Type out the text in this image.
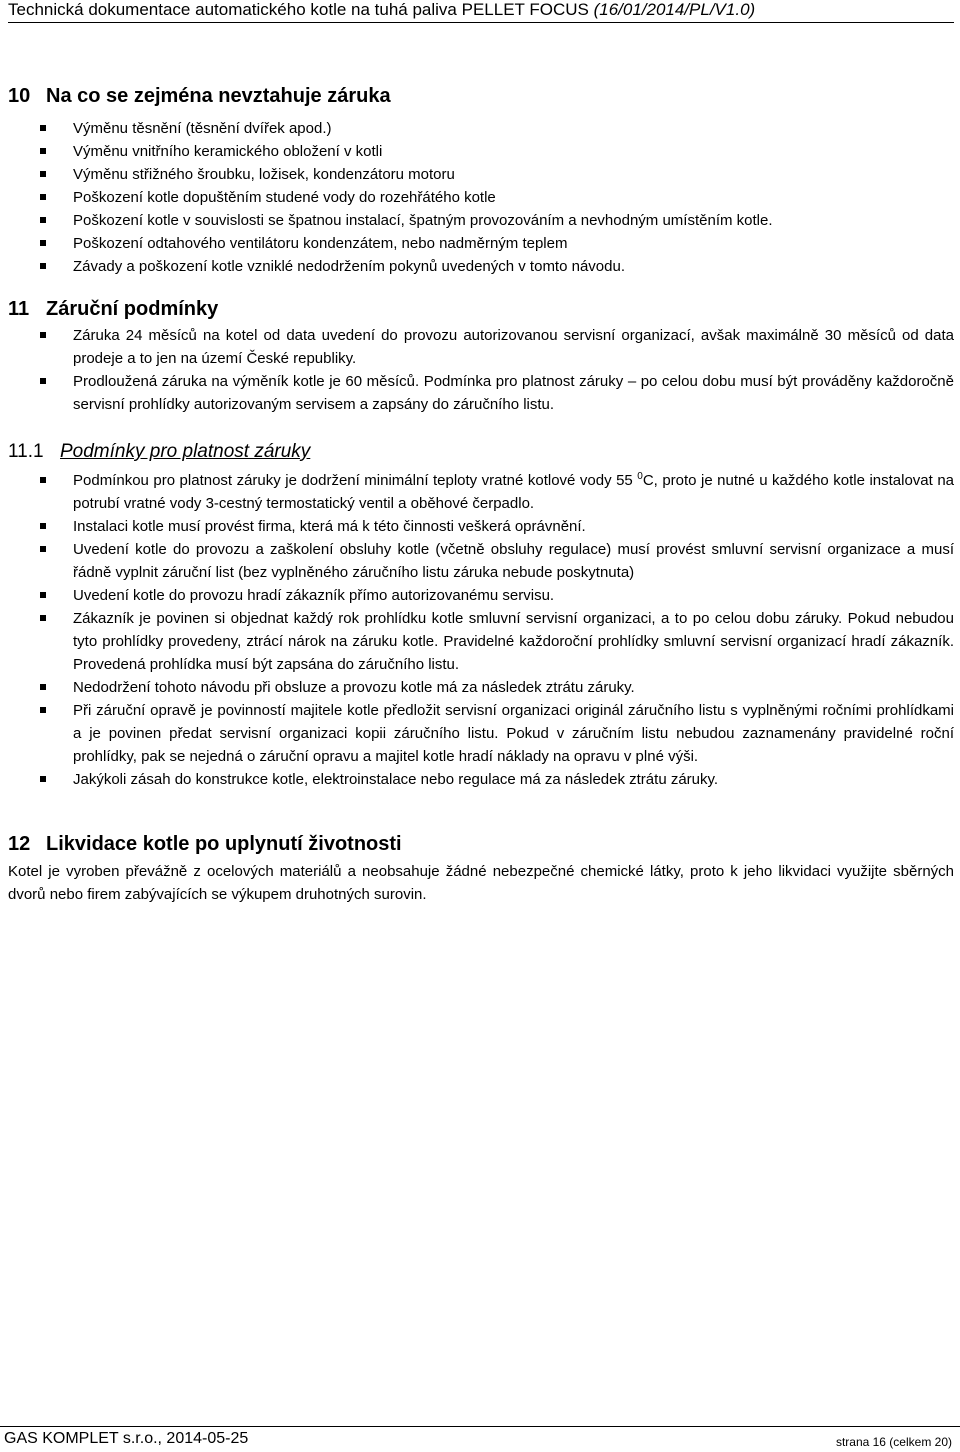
Technická dokumentace automatického kotle na tuhá paliva PELLET FOCUS (16/01/2014/PL/V1.0)
10 Na co se zejména nevztahuje záruka
Výměnu těsnění (těsnění dvířek apod.)
Výměnu vnitřního keramického obložení v kotli
Výměnu střižného šroubku, ložisek, kondenzátoru motoru
Poškození kotle dopuštěním studené vody do rozehřátého kotle
Poškození kotle v souvislosti se špatnou instalací, špatným provozováním a nevhodným umístěním kotle.
Poškození odtahového ventilátoru kondenzátem, nebo nadměrným teplem
Závady a poškození kotle vzniklé nedodržením pokynů uvedených v tomto návodu.
11 Záruční podmínky
Záruka 24 měsíců na kotel od data uvedení do provozu autorizovanou servisní organizací, avšak maximálně 30 měsíců od data prodeje a to jen na území České republiky.
Prodloužená záruka na výměník kotle je 60 měsíců. Podmínka pro platnost záruky – po celou dobu musí být prováděny každoročně servisní prohlídky autorizovaným servisem a zapsány do záručního listu.
11.1 Podmínky pro platnost záruky
Podmínkou pro platnost záruky je dodržení minimální teploty vratné kotlové vody 55 $^0$C, proto je nutné u každého kotle instalovat na potrubí vratné vody 3-cestný termostatický ventil a oběhové čerpadlo.
Instalaci kotle musí provést firma, která má k této činnosti veškerá oprávnění.
Uvedení kotle do provozu a zaškolení obsluhy kotle (včetně obsluhy regulace) musí provést smluvní servisní organizace a musí řádně vyplnit záruční list (bez vyplněného záručního listu záruka nebude poskytnuta)
Uvedení kotle do provozu hradí zákazník přímo autorizovanému servisu.
Zákazník je povinen si objednat každý rok prohlídku kotle smluvní servisní organizaci, a to po celou dobu záruky. Pokud nebudou tyto prohlídky provedeny, ztrácí nárok na záruku kotle. Pravidelné každoroční prohlídky smluvní servisní organizací hradí zákazník. Provedená prohlídka musí být zapsána do záručního listu.
Nedodržení tohoto návodu při obsluze a provozu kotle má za následek ztrátu záruky.
Při záruční opravě je povinností majitele kotle předložit servisní organizaci originál záručního listu s vyplněnými ročními prohlídkami a je povinen předat servisní organizaci kopii záručního listu. Pokud v záručním listu nebudou zaznamenány pravidelné roční prohlídky, pak se nejedná o záruční opravu a majitel kotle hradí náklady na opravu v plné výši.
Jakýkoli zásah do konstrukce kotle, elektroinstalace nebo regulace má za následek ztrátu záruky.
12 Likvidace kotle po uplynutí životnosti

Kotel je vyroben převážně z ocelových materiálů a neobsahuje žádné nebezpečné chemické látky, proto k jeho likvidaci využijte sběrných dvorů nebo firem zabývajících se výkupem druhotných surovin.

GAS KOMPLET s.r.o., 2014-05-25	strana 16 (celkem 20)
